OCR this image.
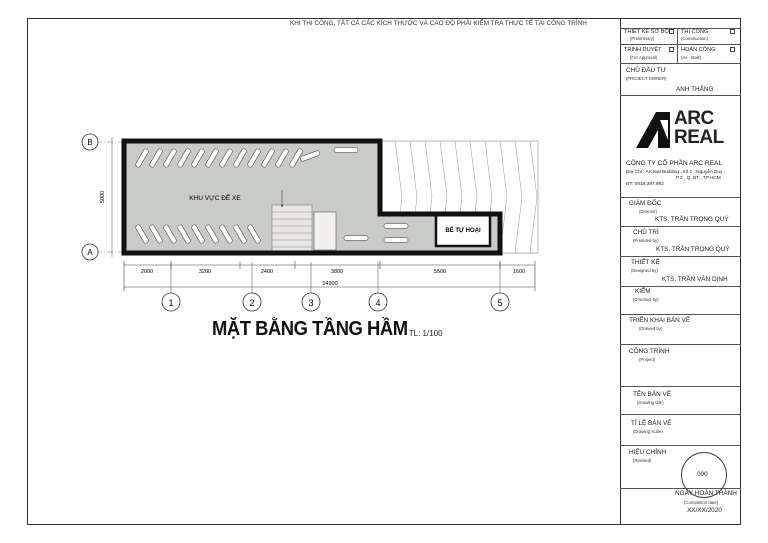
KHI THI CÔNG, TẤT CẢ CÁC KÍCH THƯỚC VÀ CAO ĐỘ PHẢI KIỂM TRA THỰC TẾ TẠI CÔNG TRÌNH
THIẾT KẾ SƠ BỘ
(Preliminary)
THI CÔNG
(Construction)
TRÌNH DUYỆT
(For Approval)
HOÀN CÔNG
(As - Built)
CHỦ ĐẦU TƯ
(PROJECT OWNER)
ANH THẮNG
ARC
REAL
CÔNG TY CỔ PHẦN ARC REAL
Địa Chỉ : Arcreal Building , số 1 , Nguyễn Duy ,
P.3 , Q. BT , TP.HCM
ĐT: 0918.397.992
GIÁM ĐỐC
(Director)
KTS. TRẦN TRỌNG QUÝ
CHỦ TRÌ
(Presided by)
KTS. TRẦN TRỌNG QUÝ
THIẾT KẾ
(Designed by)
KTS. TRẦN VĂN DINH
KIỂM
(Checked by)
TRIỂN KHAI BẢN VẼ
(Drawed by)
CÔNG TRÌNH
(Project)
TÊN BẢN VẼ
(Drawing title)
TỈ LỆ BẢN VẼ
(Drawing scale)
HIỆU CHỈNH
(Revised)
000
NGÀY HOÀN THÀNH
(Completion date)
XX/XX/2020
B
A
5000
BỂ TỰ HOẠI
KHU VỰC ĐỂ XE
2000	3200	2400	3800	5500	1600
14900
1	2	3	4	5
MẶT BẰNG TẦNG HẦM
- TL: 1/100
